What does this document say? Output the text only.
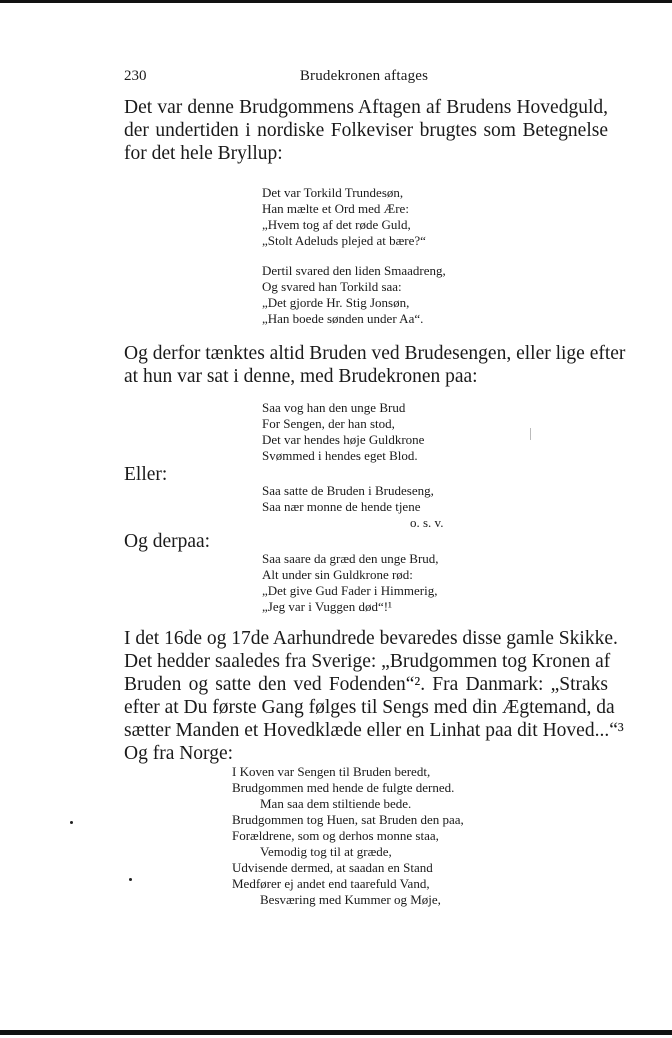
230	Brudekronen aftages

Det var denne Brudgommens Aftagen af Brudens Hovedguld,
der undertiden i nordiske Folkeviser brugtes som Betegnelse
for det hele Bryllup:

Det var Torkild Trundesøn,
Han mælte et Ord med Ære:
„Hvem tog af det røde Guld,
„Stolt Adeluds plejed at bære?“
Dertil svared den liden Smaadreng,
Og svared han Torkild saa:
„Det gjorde Hr. Stig Jonsøn,
„Han boede sønden under Aa“.

Og derfor tænktes altid Bruden ved Brudesengen, eller lige efter
at hun var sat i denne, med Brudekronen paa:

Saa vog han den unge Brud
For Sengen, der han stod,
Det var hendes høje Guldkrone
Svømmed i hendes eget Blod.

Eller:

Saa satte de Bruden i Brudeseng,
Saa nær monne de hende tjene
o. s. v.

Og derpaa:

Saa saare da græd den unge Brud,
Alt under sin Guldkrone rød:
„Det give Gud Fader i Himmerig,
„Jeg var i Vuggen død“!¹

I det 16de og 17de Aarhundrede bevaredes disse gamle Skikke.
Det hedder saaledes fra Sverige: „Brudgommen tog Kronen af
Bruden og satte den ved Fodenden“². Fra Danmark: „Straks
efter at Du første Gang følges til Sengs med din Ægtemand, da
sætter Manden et Hovedklæde eller en Linhat paa dit Hoved...“³
Og fra Norge:

I Koven var Sengen til Bruden beredt,
Brudgommen med hende de fulgte derned.
Man saa dem stiltiende bede.
Brudgommen tog Huen, sat Bruden den paa,
Forældrene, som og derhos monne staa,
Vemodig tog til at græde,
Udvisende dermed, at saadan en Stand
Medfører ej andet end taarefuld Vand,
Besværing med Kummer og Møje,
